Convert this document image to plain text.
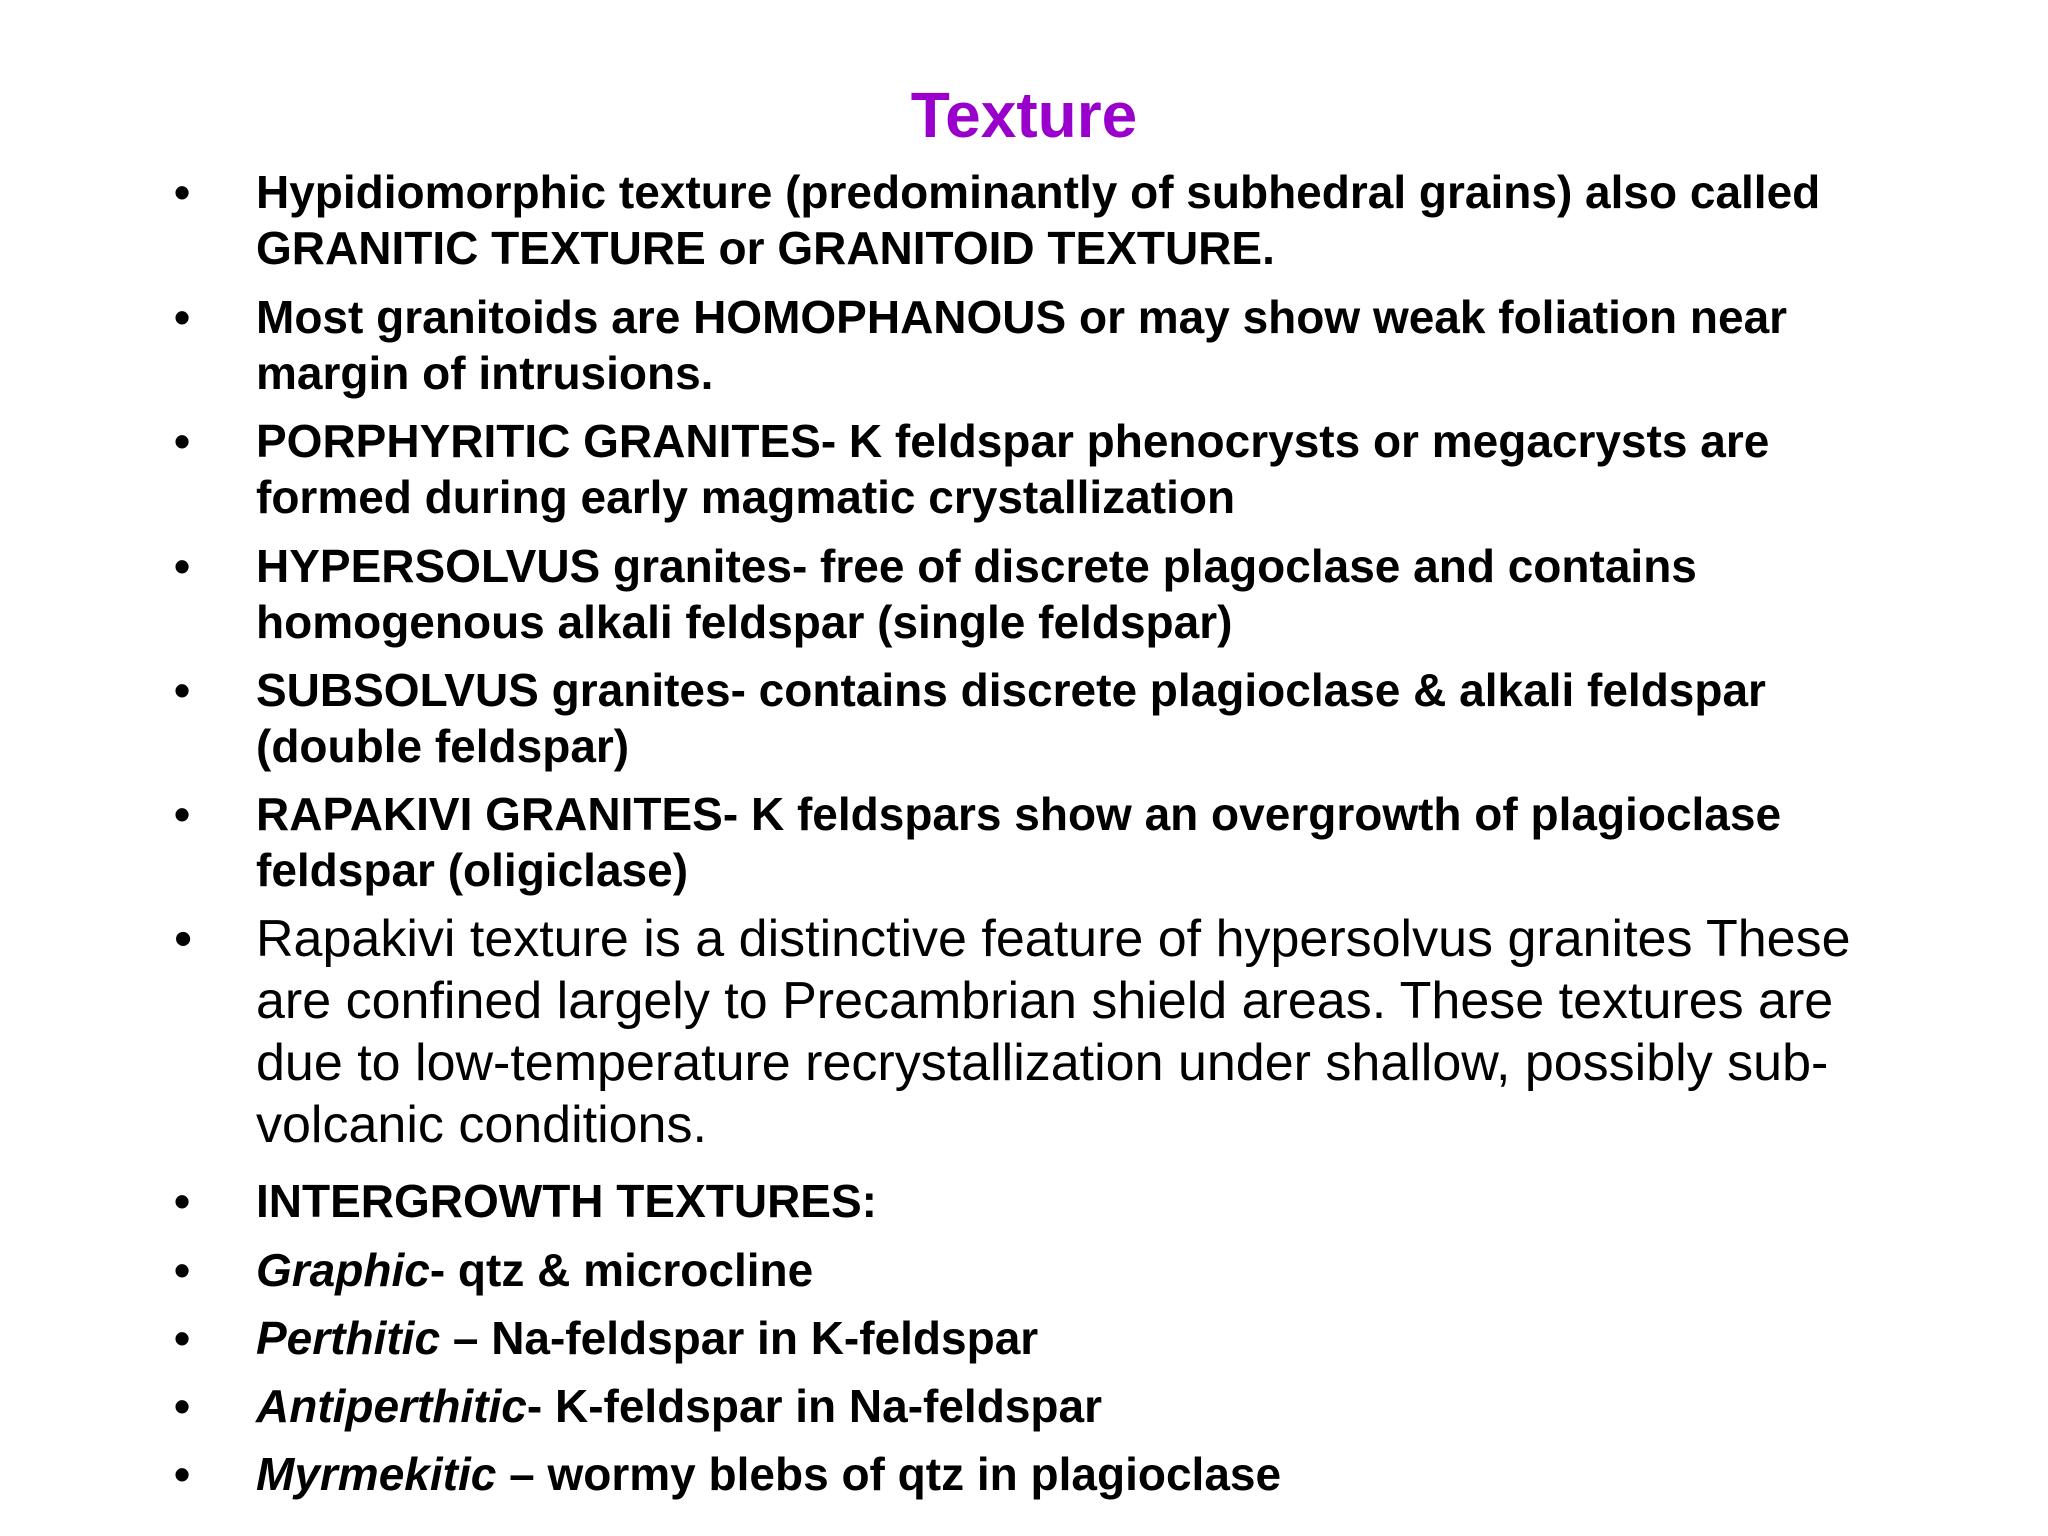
Texture
•	Hypidiomorphic texture (predominantly of subhedral grains) also called GRANITIC TEXTURE or GRANITOID TEXTURE.
•	Most granitoids are HOMOPHANOUS or may show weak foliation near margin of intrusions.
•	PORPHYRITIC GRANITES- K feldspar phenocrysts or megacrysts are formed during early magmatic crystallization
•	HYPERSOLVUS granites- free of discrete plagoclase and contains homogenous alkali feldspar (single feldspar)
•	SUBSOLVUS granites- contains discrete plagioclase & alkali feldspar (double feldspar)
•	RAPAKIVI GRANITES- K feldspars show an overgrowth of plagioclase feldspar (oligiclase)
•	Rapakivi texture is a distinctive feature of hypersolvus granites These are confined largely to Precambrian shield areas. These textures are due to low-temperature recrystallization under shallow, possibly sub-volcanic conditions.
•	INTERGROWTH TEXTURES:
•	Graphic- qtz & microcline
•	Perthitic – Na-feldspar in K-feldspar
•	Antiperthitic- K-feldspar in Na-feldspar
•	Myrmekitic – wormy blebs of qtz in plagioclase
